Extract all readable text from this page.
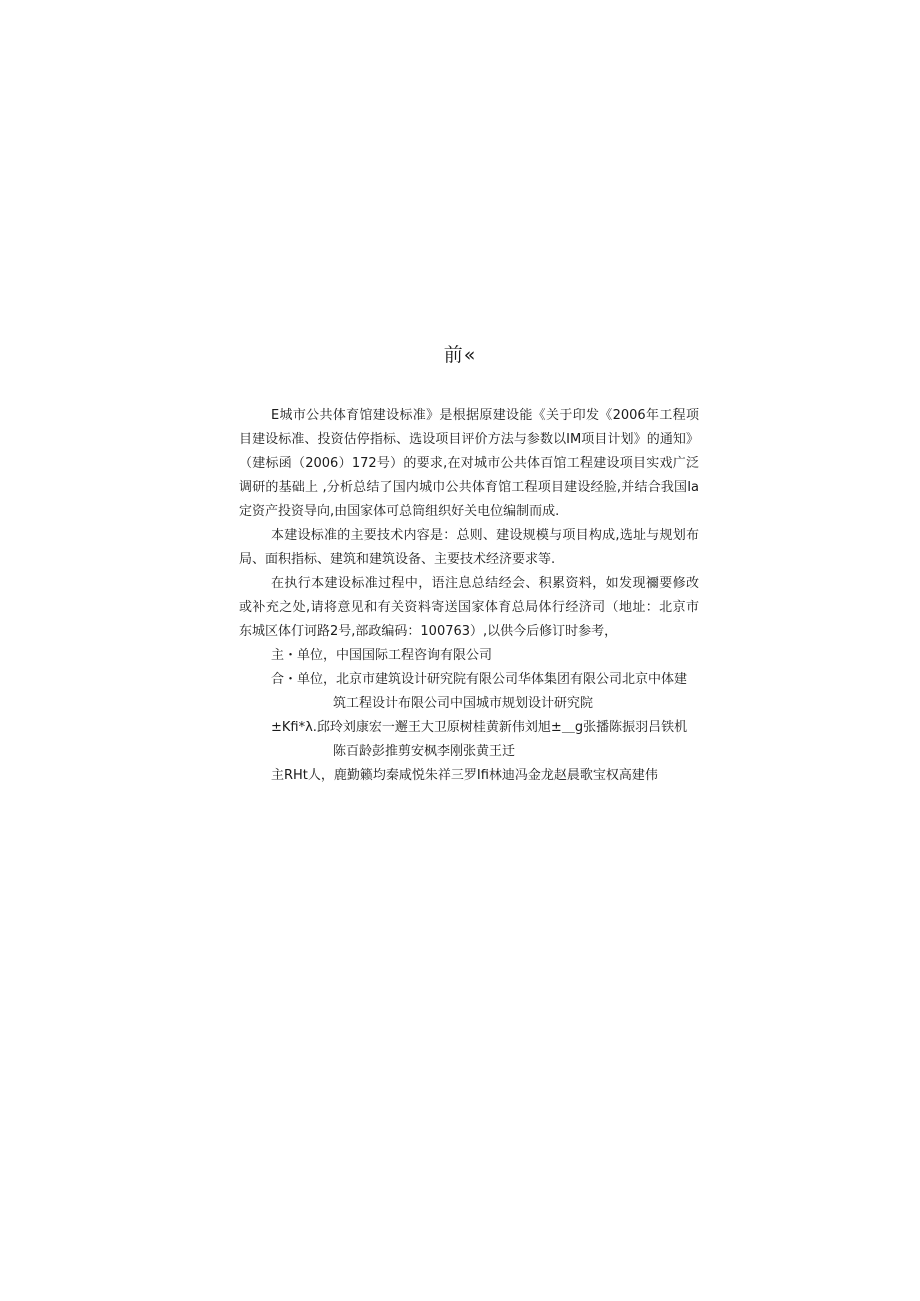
前«
E城市公共体育馆建设标准》是根据原建设能《关于印发《2006年工程项
目建设标准、投资估停指标、选设项目评价方法与参数以IM项目计划》的通知》
（建标函（2006）172号）的要求,在对城市公共体百馆工程建设项目实戏广泛
调研的基础上 ,分析总结了国内城巾公共体育馆工程项目建设经脸,并结合我国Ia
定资产投资导向,由国家体可总筒组织好关电位编制而成.
本建设标准的主要技术内容是：总则、建设规模与项目构成,选址与规划布
局、面积指标、建筑和建筑设备、主要技术经济要求等.
在执行本建设标准过程中，语注息总结经会、积累资料，如发现禰要修改
或补充之处,请将意见和有关资料寄送国家体育总局体行经济司（地址：北京市
东城区体仃诃路2号,部政编码：100763）,以供今后修订时参考，
主・单位，中国国际工程咨询有限公司
合・单位，北京市建筑设计研究院有限公司华体集团有限公司北京中体建
筑工程设计布限公司中国城市规划设计研究院
±Kfi*λ.邱玲刘康宏一邂王大卫原树桂黄新伟刘旭±＿g张播陈振羽吕铁机
陈百龄彭推剪安枫李刚张黄王迁
主RHt人，鹿勤籁均秦咸悦朱祥三罗Ifi林迪冯金龙赵晨歌宝权高建伟
